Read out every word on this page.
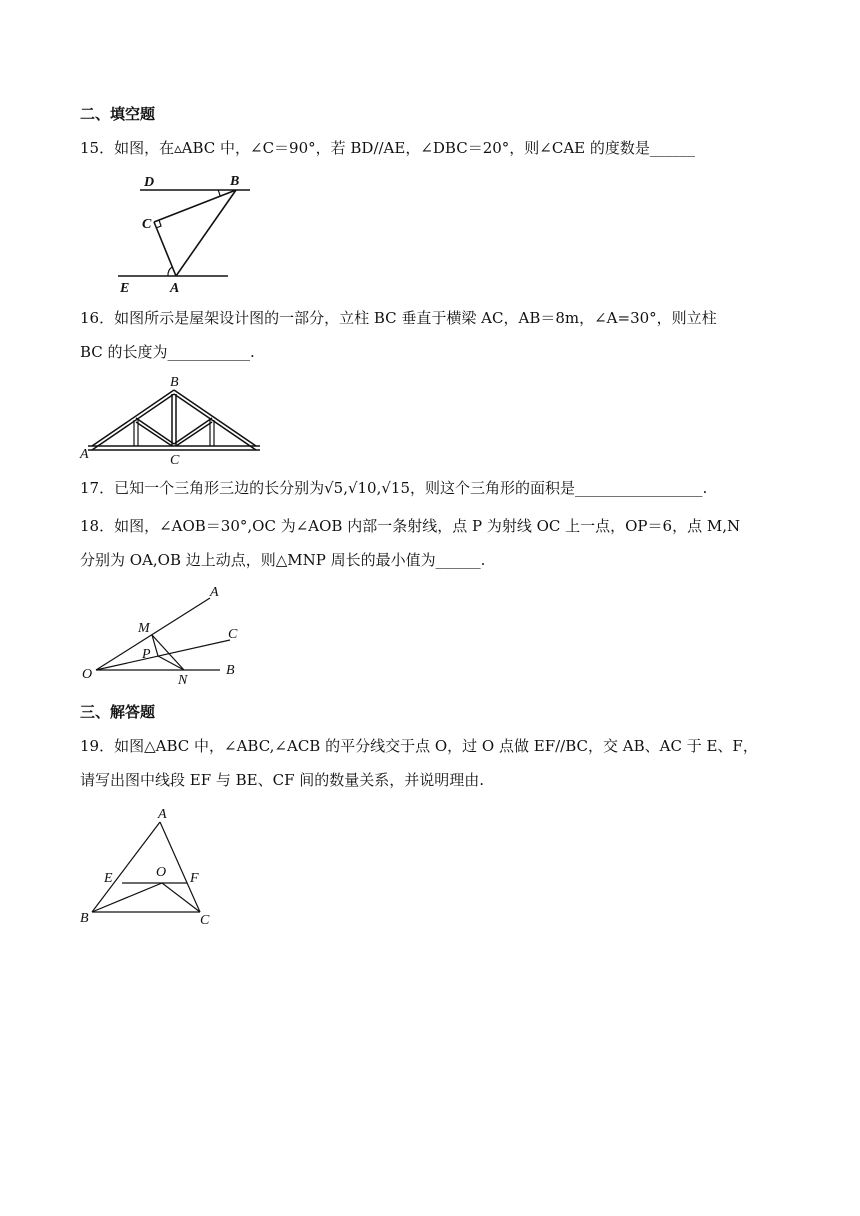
二、填空题
15．如图，在▵ABC 中，∠C＝90°，若 BD//AE，∠DBC＝20°，则∠CAE 的度数是______
D	B
C
E	A
16．如图所示是屋架设计图的一部分，立柱 BC 垂直于横梁 AC，AB＝8m，∠A=30°，则立柱
BC 的长度为___________.
B
A	C
17．已知一个三角形三边的长分别为√5,√10,√15，则这个三角形的面积是_________________.
18．如图，∠AOB＝30°,OC 为∠AOB 内部一条射线，点 P 为射线 OC 上一点，OP＝6，点 M,N
分别为 OA,OB 边上动点，则△MNP 周长的最小值为______.
A
C
B
O
M
P
N
三、解答题
19．如图△ABC 中，∠ABC,∠ACB 的平分线交于点 O，过 O 点做 EF//BC，交 AB、AC 于 E、F，
请写出图中线段 EF 与 BE、CF 间的数量关系，并说明理由.
A
E	O F
B	C
